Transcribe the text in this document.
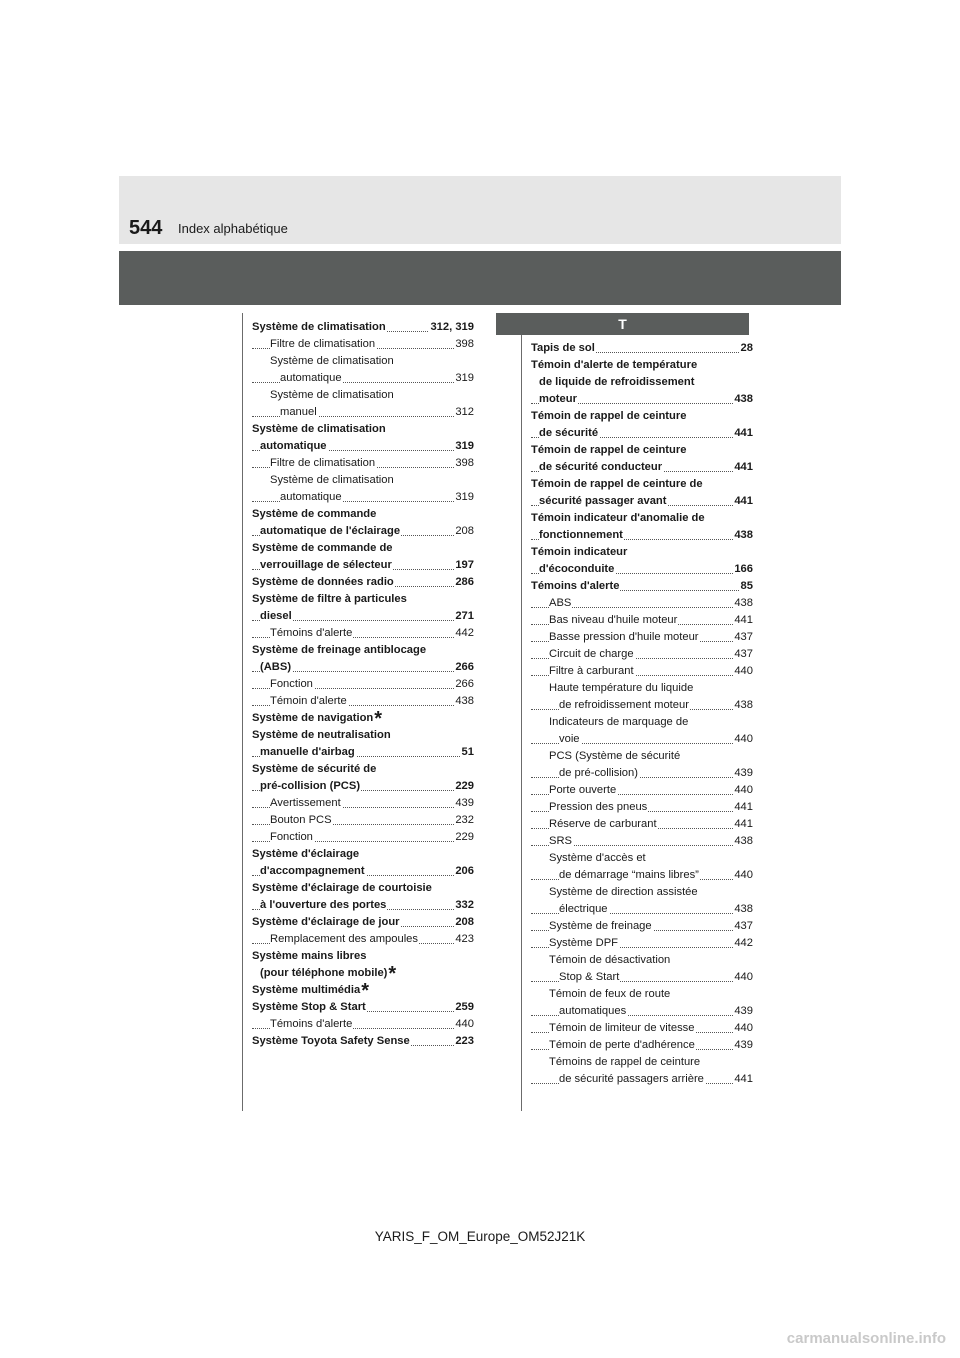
544 Index alphabétique
T
Système de climatisation	312, 319
Filtre de climatisation	398
Système de climatisation
automatique	319
Système de climatisation
manuel	312
Système de climatisation
automatique	319
Filtre de climatisation	398
Système de climatisation
automatique	319
Système de commande
automatique de l'éclairage	208
Système de commande de
verrouillage de sélecteur	197
Système de données radio	286
Système de filtre à particules
diesel	271
Témoins d'alerte	442
Système de freinage antiblocage
(ABS)	266
Fonction	266
Témoin d'alerte	438
Système de navigation*
Système de neutralisation
manuelle d'airbag	51
Système de sécurité de
pré-collision (PCS)	229
Avertissement	439
Bouton PCS	232
Fonction	229
Système d'éclairage
d'accompagnement	206
Système d'éclairage de courtoisie
à l'ouverture des portes	332
Système d'éclairage de jour	208
Remplacement des ampoules	423
Système mains libres
(pour téléphone mobile)*
Système multimédia*
Système Stop & Start	259
Témoins d'alerte	440
Système Toyota Safety Sense	223
Tapis de sol	28
Témoin d'alerte de température
de liquide de refroidissement
moteur	438
Témoin de rappel de ceinture
de sécurité	441
Témoin de rappel de ceinture
de sécurité conducteur	441
Témoin de rappel de ceinture de
sécurité passager avant	441
Témoin indicateur d'anomalie de
fonctionnement	438
Témoin indicateur
d'écoconduite	166
Témoins d'alerte	85
ABS	438
Bas niveau d'huile moteur	441
Basse pression d'huile moteur	437
Circuit de charge	437
Filtre à carburant	440
Haute température du liquide
de refroidissement moteur	438
Indicateurs de marquage de
voie	440
PCS (Système de sécurité
de pré-collision)	439
Porte ouverte	440
Pression des pneus	441
Réserve de carburant	441
SRS	438
Système d'accès et
de démarrage “mains libres”	440
Système de direction assistée
électrique	438
Système de freinage	437
Système DPF	442
Témoin de désactivation
Stop & Start	440
Témoin de feux de route
automatiques	439
Témoin de limiteur de vitesse	440
Témoin de perte d'adhérence	439
Témoins de rappel de ceinture
de sécurité passagers arrière	441
YARIS_F_OM_Europe_OM52J21K
carmanualsonline.info
